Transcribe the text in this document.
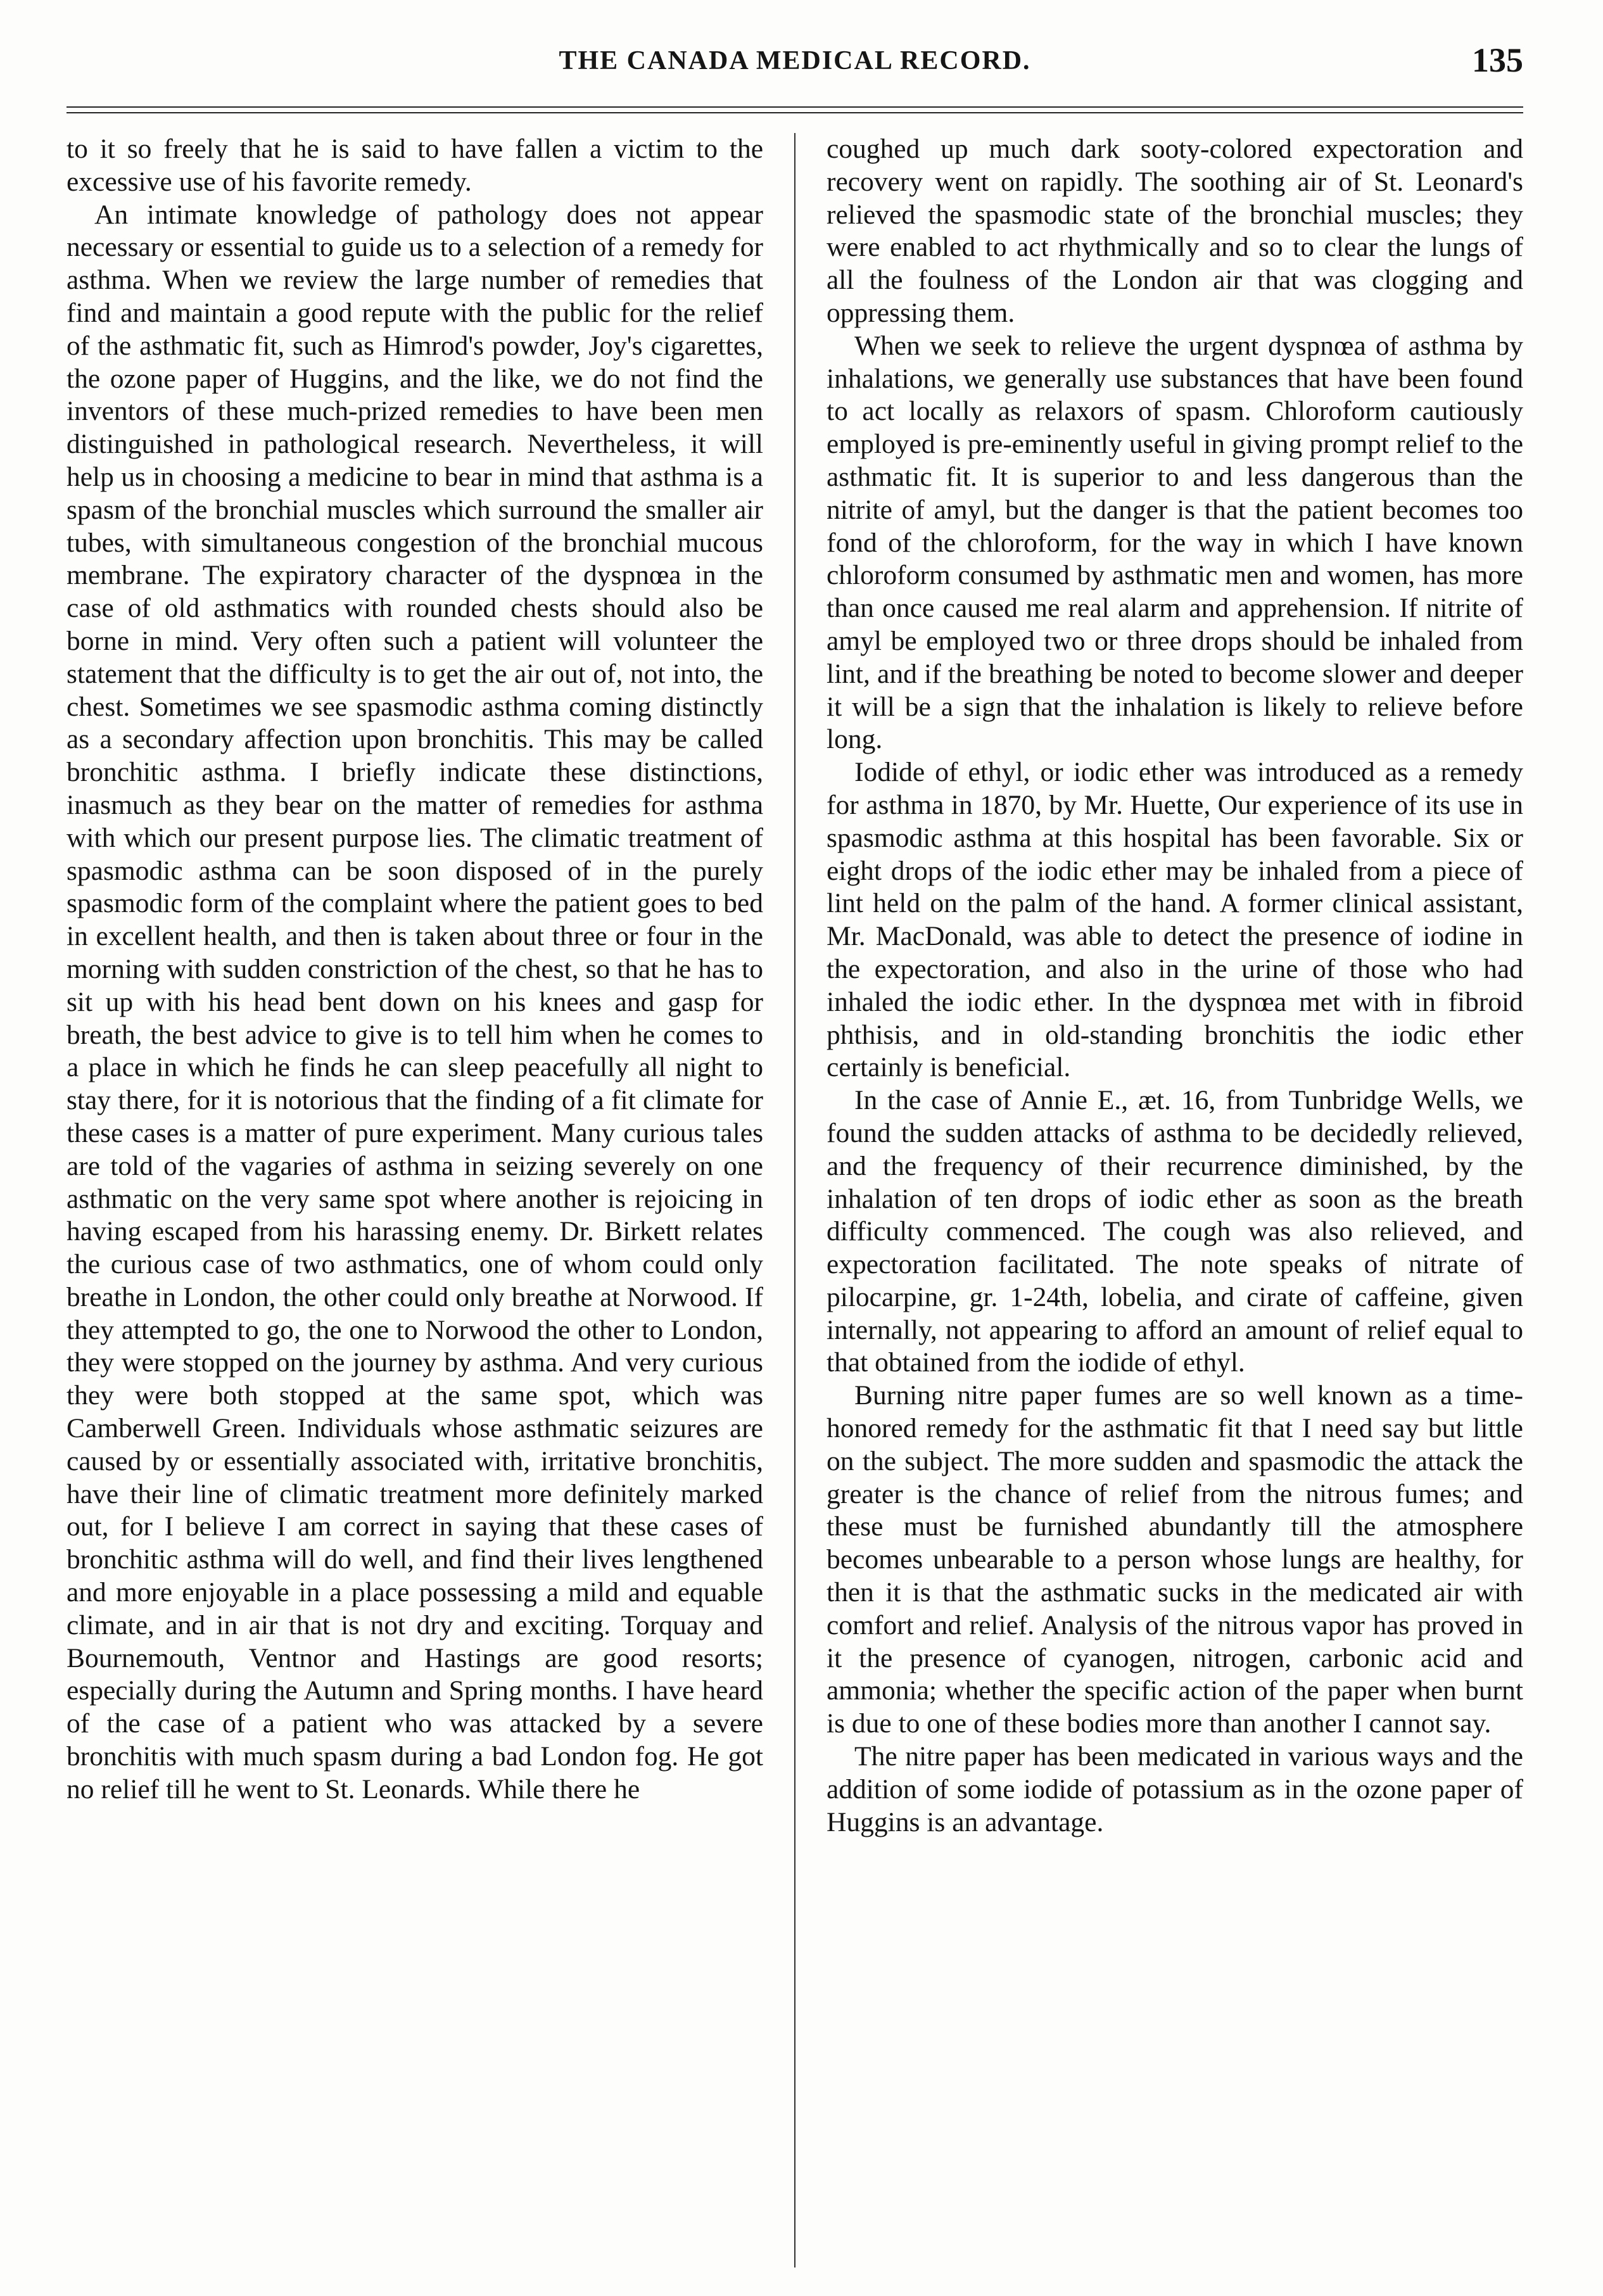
THE CANADA MEDICAL RECORD.	135

to it so freely that he is said to have fallen a victim to the excessive use of his favorite remedy.

An intimate knowledge of pathology does not appear necessary or essential to guide us to a selection of a remedy for asthma. When we review the large number of remedies that find and maintain a good repute with the public for the relief of the asthmatic fit, such as Himrod's powder, Joy's cigarettes, the ozone paper of Huggins, and the like, we do not find the inventors of these much-prized remedies to have been men distinguished in pathological research. Nevertheless, it will help us in choosing a medicine to bear in mind that asthma is a spasm of the bronchial muscles which surround the smaller air tubes, with simultaneous congestion of the bronchial mucous membrane. The expiratory character of the dyspnœa in the case of old asthmatics with rounded chests should also be borne in mind. Very often such a patient will volunteer the statement that the difficulty is to get the air out of, not into, the chest. Sometimes we see spasmodic asthma coming distinctly as a secondary affection upon bronchitis. This may be called bronchitic asthma. I briefly indicate these distinctions, inasmuch as they bear on the matter of remedies for asthma with which our present purpose lies. The climatic treatment of spasmodic asthma can be soon disposed of in the purely spasmodic form of the complaint where the patient goes to bed in excellent health, and then is taken about three or four in the morning with sudden constriction of the chest, so that he has to sit up with his head bent down on his knees and gasp for breath, the best advice to give is to tell him when he comes to a place in which he finds he can sleep peacefully all night to stay there, for it is notorious that the finding of a fit climate for these cases is a matter of pure experiment. Many curious tales are told of the vagaries of asthma in seizing severely on one asthmatic on the very same spot where another is rejoicing in having escaped from his harassing enemy. Dr. Birkett relates the curious case of two asthmatics, one of whom could only breathe in London, the other could only breathe at Norwood. If they attempted to go, the one to Norwood the other to London, they were stopped on the journey by asthma. And very curious they were both stopped at the same spot, which was Camberwell Green. Individuals whose asthmatic seizures are caused by or essentially associated with, irritative bronchitis, have their line of climatic treatment more definitely marked out, for I believe I am correct in saying that these cases of bronchitic asthma will do well, and find their lives lengthened and more enjoyable in a place possessing a mild and equable climate, and in air that is not dry and exciting. Torquay and Bournemouth, Ventnor and Hastings are good resorts; especially during the Autumn and Spring months. I have heard of the case of a patient who was attacked by a severe bronchitis with much spasm during a bad London fog. He got no relief till he went to St. Leonards. While there he

coughed up much dark sooty-colored expectoration and recovery went on rapidly. The soothing air of St. Leonard's relieved the spasmodic state of the bronchial muscles; they were enabled to act rhythmically and so to clear the lungs of all the foulness of the London air that was clogging and oppressing them.

When we seek to relieve the urgent dyspnœa of asthma by inhalations, we generally use substances that have been found to act locally as relaxors of spasm. Chloroform cautiously employed is pre-eminently useful in giving prompt relief to the asthmatic fit. It is superior to and less dangerous than the nitrite of amyl, but the danger is that the patient becomes too fond of the chloroform, for the way in which I have known chloroform consumed by asthmatic men and women, has more than once caused me real alarm and apprehension. If nitrite of amyl be employed two or three drops should be inhaled from lint, and if the breathing be noted to become slower and deeper it will be a sign that the inhalation is likely to relieve before long.

Iodide of ethyl, or iodic ether was introduced as a remedy for asthma in 1870, by Mr. Huette, Our experience of its use in spasmodic asthma at this hospital has been favorable. Six or eight drops of the iodic ether may be inhaled from a piece of lint held on the palm of the hand. A former clinical assistant, Mr. MacDonald, was able to detect the presence of iodine in the expectoration, and also in the urine of those who had inhaled the iodic ether. In the dyspnœa met with in fibroid phthisis, and in old-standing bronchitis the iodic ether certainly is beneficial.

In the case of Annie E., æt. 16, from Tunbridge Wells, we found the sudden attacks of asthma to be decidedly relieved, and the frequency of their recurrence diminished, by the inhalation of ten drops of iodic ether as soon as the breath difficulty commenced. The cough was also relieved, and expectoration facilitated. The note speaks of nitrate of pilocarpine, gr. 1-24th, lobelia, and cirate of caffeine, given internally, not appearing to afford an amount of relief equal to that obtained from the iodide of ethyl.

Burning nitre paper fumes are so well known as a time-honored remedy for the asthmatic fit that I need say but little on the subject. The more sudden and spasmodic the attack the greater is the chance of relief from the nitrous fumes; and these must be furnished abundantly till the atmosphere becomes unbearable to a person whose lungs are healthy, for then it is that the asthmatic sucks in the medicated air with comfort and relief. Analysis of the nitrous vapor has proved in it the presence of cyanogen, nitrogen, carbonic acid and ammonia; whether the specific action of the paper when burnt is due to one of these bodies more than another I cannot say.

The nitre paper has been medicated in various ways and the addition of some iodide of potassium as in the ozone paper of Huggins is an advantage.
